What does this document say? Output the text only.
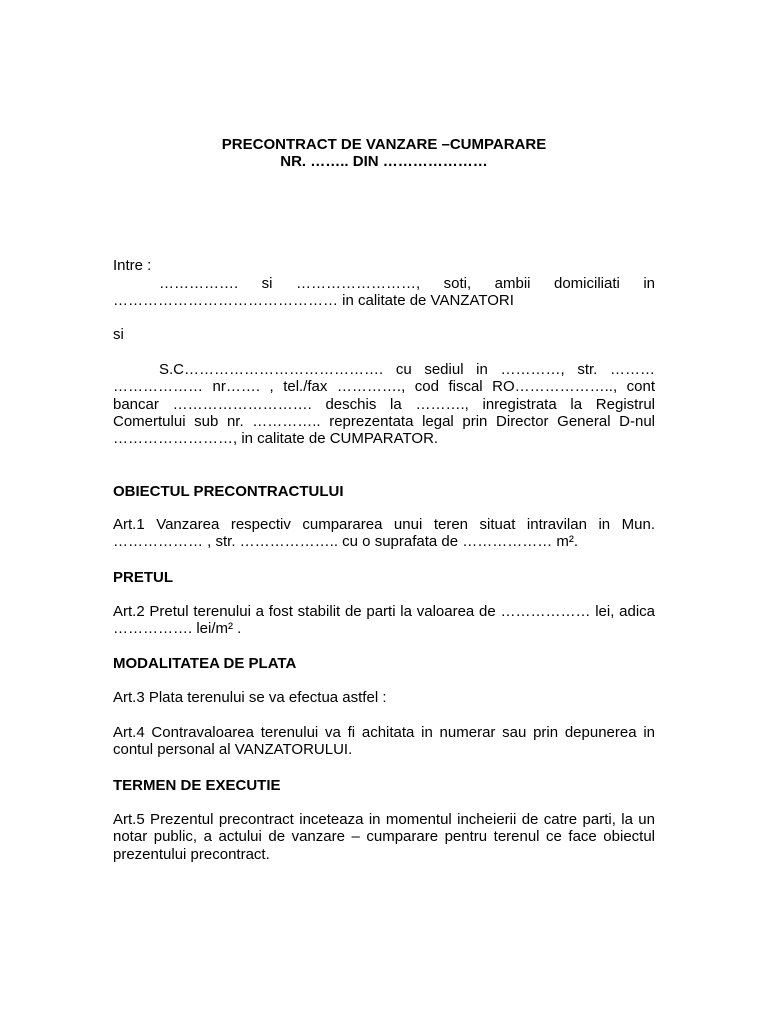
PRECONTRACT DE VANZARE –CUMPARARE
NR. …….. DIN …………………
Intre :
……………. si ……………………, soti, ambii domiciliati in
……………………………………… in calitate de VANZATORI
si
S.C…………………………………. cu sediul in …………, str. ………
……………… nr……. , tel./fax …………., cod fiscal RO……………….., cont
bancar ………………………. deschis la ………., inregistrata la Registrul
Comertului sub nr. ………….. reprezentata legal prin Director General D-nul
……………………, in calitate de CUMPARATOR.
OBIECTUL PRECONTRACTULUI
Art.1 Vanzarea respectiv cumpararea unui teren situat intravilan in Mun.
……………… , str. ……………….. cu o suprafata de ……………… m².
PRETUL
Art.2 Pretul terenului a fost stabilit de parti la valoarea de ……………… lei, adica
……………. lei/m² .
MODALITATEA DE PLATA
Art.3 Plata terenului se va efectua astfel :
Art.4 Contravaloarea terenului va fi achitata in numerar sau prin depunerea in
contul personal al VANZATORULUI.
TERMEN DE EXECUTIE
Art.5 Prezentul precontract inceteaza in momentul incheierii de catre parti, la un
notar public, a actului de vanzare – cumparare pentru terenul ce face obiectul
prezentului precontract.
